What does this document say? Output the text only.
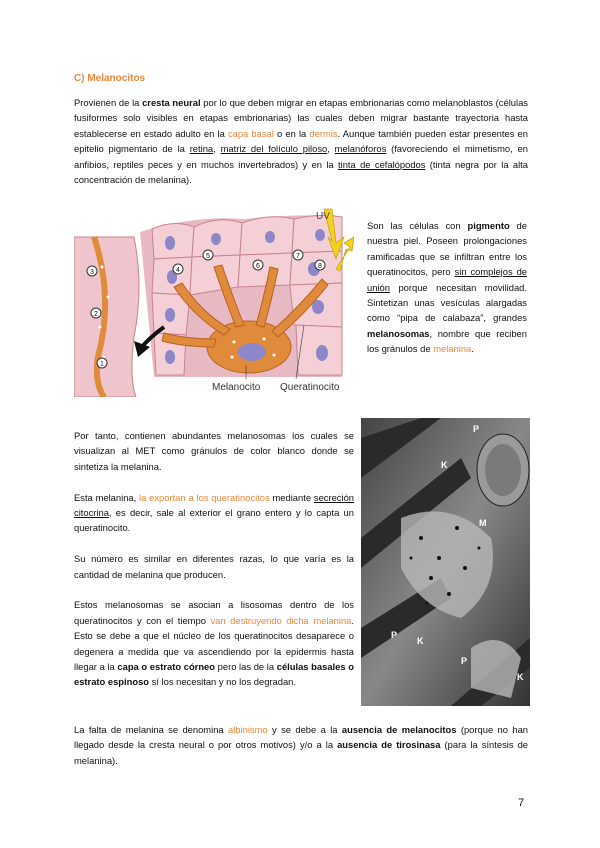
C) Melanocitos
Provienen de la cresta neural por lo que deben migrar en etapas embrionarias como melanoblastos (células fusiformes solo visibles en etapas embrionarias) las cuales deben migrar bastante trayectoria hasta establecerse en estado adulto en la capa basal o en la dermis. Aunque también pueden estar presentes en epitelio pigmentario de la retina, matriz del folículo piloso, melanóforos (favoreciendo el mimetismo, en anfibios, reptiles peces y en muchos invertebrados) y en la tinta de cefalópodos (tinta negra por la alta concentración de melanina).
3
2
1
4
5
6
7
8
UV
Melanocito Queratinocito
Son las células con pigmento de nuestra piel. Poseen prolongaciones ramificadas que se infiltran entre los queratinocitos, pero sin complejos de unión porque necesitan movilidad. Sintetizan unas vesículas alargadas como “pipa de calabaza”, grandes melanosomas, nombre que reciben los gránulos de melanina.
P
K
M
P
K
P
K

Por tanto, contienen abundantes melanosomas los cuales se visualizan al MET como gránulos de color blanco donde se sintetiza la melanina.

Esta melanina, la exportan a los queratinocitos mediante secreción citocrina, es decir, sale al exterior el grano entero y lo capta un queratinocito.

Su número es similar en diferentes razas, lo que varía es la cantidad de melanina que producen.

Estos melanosomas se asocian a lisosomas dentro de los queratinocitos y con el tiempo van destruyendo dicha melanina. Esto se debe a que el núcleo de los queratinocitos desaparece o degenera a medida que va ascendiendo por la epidermis hasta llegar a la capa o estrato córneo pero las de la células basales o estrato espinoso sí los necesitan y no los degradan.

La falta de melanina se denomina albinismo y se debe a la ausencia de melanocitos (porque no han llegado desde la cresta neural o por otros motivos) y/o a la ausencia de tirosinasa (para la síntesis de melanina).
7
